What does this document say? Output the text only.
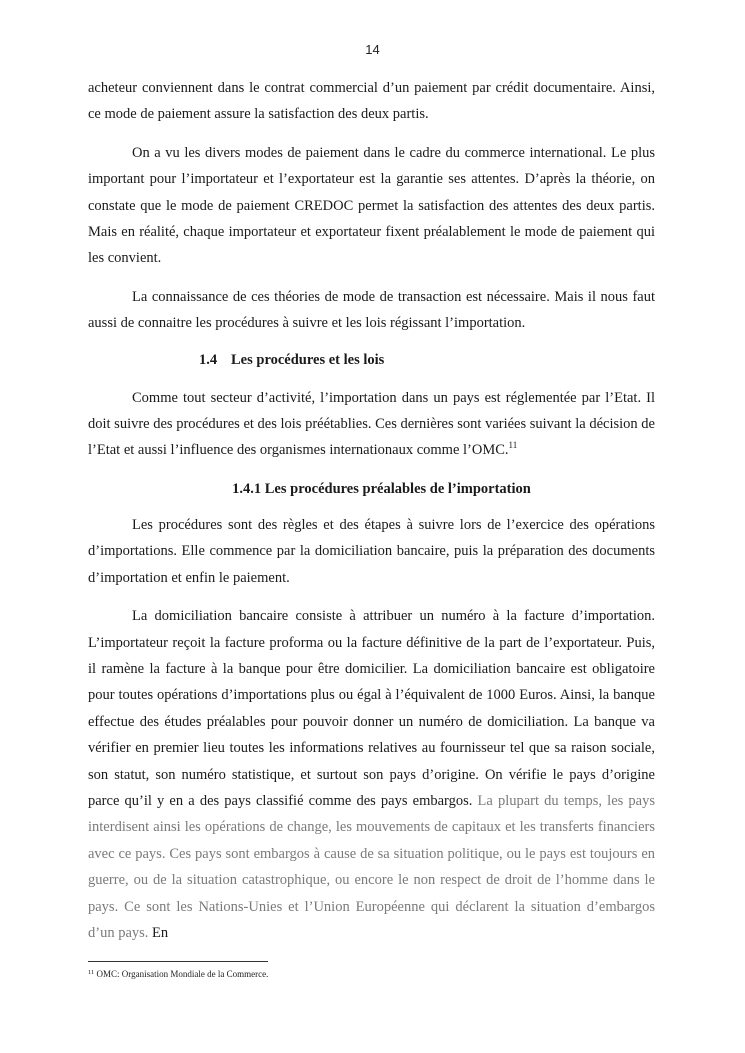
14

acheteur conviennent dans le contrat commercial d’un paiement par crédit documentaire. Ainsi, ce mode de paiement assure la satisfaction des deux partis.

On a vu les divers modes de paiement dans le cadre du commerce international. Le plus important pour l’importateur et l’exportateur est la garantie ses attentes. D’après la théorie, on constate que le mode de paiement CREDOC permet la satisfaction des attentes des deux partis. Mais en réalité, chaque importateur et exportateur fixent préalablement le mode de paiement qui les convient.

La connaissance de ces théories de mode de transaction est nécessaire. Mais il nous faut aussi de connaitre les procédures à suivre et les lois régissant l’importation.

1.4 Les procédures et les lois

Comme tout secteur d’activité, l’importation dans un pays est réglementée par l’Etat. Il doit suivre des procédures et des lois préétablies. Ces dernières sont variées suivant la décision de l’Etat et aussi l’influence des organismes internationaux comme l’OMC.$^{11}$

1.4.1 Les procédures préalables de l’importation

Les procédures sont des règles et des étapes à suivre lors de l’exercice des opérations d’importations. Elle commence par la domiciliation bancaire, puis la préparation des documents d’importation et enfin le paiement.

La domiciliation bancaire consiste à attribuer un numéro à la facture d’importation. L’importateur reçoit la facture proforma ou la facture définitive de la part de l’exportateur. Puis, il ramène la facture à la banque pour être domicilier. La domiciliation bancaire est obligatoire pour toutes opérations d’importations plus ou égal à l’équivalent de 1000 Euros. Ainsi, la banque effectue des études préalables pour pouvoir donner un numéro de domiciliation. La banque va vérifier en premier lieu toutes les informations relatives au fournisseur tel que sa raison sociale, son statut, son numéro statistique, et surtout son pays d’origine. On vérifie le pays d’origine parce qu’il y en a des pays classifié comme des pays embargos. La plupart du temps, les pays interdisent ainsi les opérations de change, les mouvements de capitaux et les transferts financiers avec ce pays. Ces pays sont embargos à cause de sa situation politique, ou le pays est toujours en guerre, ou de la situation catastrophique, ou encore le non respect de droit de l’homme dans le pays. Ce sont les Nations-Unies et l’Union Européenne qui déclarent la situation d’embargos d’un pays. En

$^{11}$ OMC: Organisation Mondiale de la Commerce.
